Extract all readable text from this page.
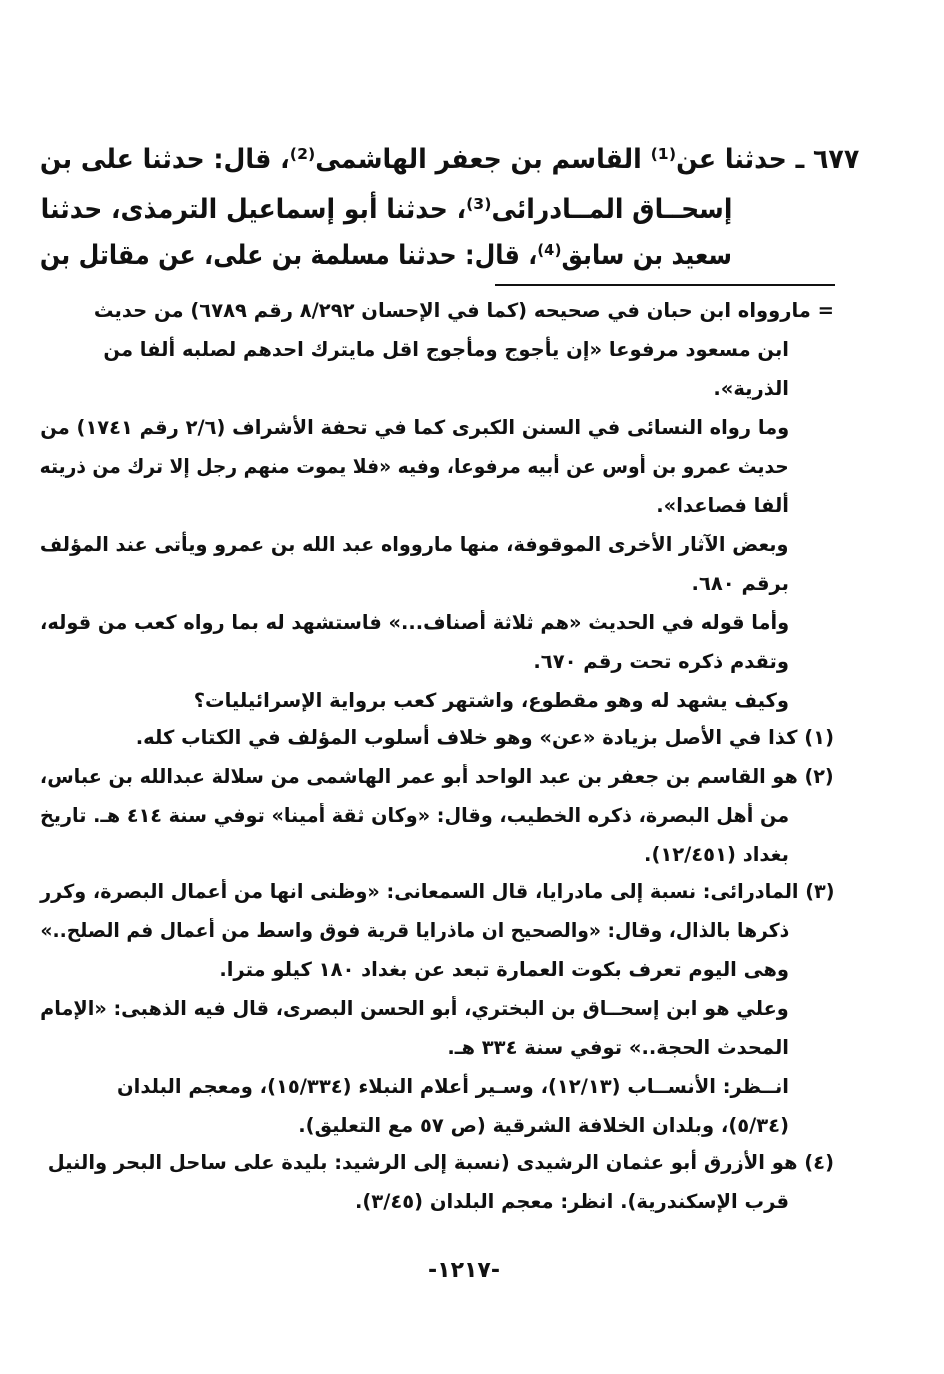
٦٧٧ ـ حدثنا عن⁽¹⁾ القاسم بن جعفر الهاشمى⁽²⁾، قال: حدثنا على بن
إسحــاق المــادرائى⁽³⁾، حدثنا أبو إسماعيل الترمذى، حدثنا
سعيد بن سابق⁽⁴⁾، قال: حدثنا مسلمة بن على، عن مقاتل بن
= ماروواه ابن حبان في صحيحه (كما في الإحسان ٨/٢٩٢ رقم ٦٧٨٩) من حديث
ابن مسعود مرفوعا «إن يأجوج ومأجوج اقل مايترك احدهم لصلبه ألفا من
الذرية».
وما رواه النسائى في السنن الكبرى كما في تحفة الأشراف (٢/٦ رقم ١٧٤١) من
حديث عمرو بن أوس عن أبيه مرفوعا، وفيه «فلا يموت منهم رجل إلا ترك من ذريته
ألفا فصاعدا».
وبعض الآثار الأخرى الموقوفة، منها ماروواه عبد الله بن عمرو ويأتى عند المؤلف
برقم ٦٨٠.
وأما قوله في الحديث «هم ثلاثة أصناف...» فاستشهد له بما رواه كعب من قوله،
وتقدم ذكره تحت رقم ٦٧٠.
وكيف يشهد له وهو مقطوع، واشتهر كعب برواية الإسرائيليات؟
(١) كذا في الأصل بزيادة «عن» وهو خلاف أسلوب المؤلف في الكتاب كله.
(٢) هو القاسم بن جعفر بن عبد الواحد أبو عمر الهاشمى من سلالة عبدالله بن عباس،
من أهل البصرة، ذكره الخطيب، وقال: «وكان ثقة أمينا» توفي سنة ٤١٤ هـ. تاريخ
بغداد (١٢/٤٥١).
(٣) المادرائى: نسبة إلى مادرايا، قال السمعانى: «وظنى انها من أعمال البصرة، وكرر
ذكرها بالذال، وقال: «والصحيح ان ماذرايا قرية فوق واسط من أعمال فم الصلح..»
وهى اليوم تعرف بكوت العمارة تبعد عن بغداد ١٨٠ كيلو مترا.
وعلي هو ابن إسحــاق بن البختري، أبو الحسن البصرى، قال فيه الذهبى: «الإمام
المحدث الحجة..» توفي سنة ٣٣٤ هـ.
انــظر: الأنســاب (١٢/١٣)، وسـير أعلام النبلاء (١٥/٣٣٤)، ومعجم البلدان
(٥/٣٤)، وبلدان الخلافة الشرقية (ص ٥٧ مع التعليق).
(٤) هو الأزرق أبو عثمان الرشيدى (نسبة إلى الرشيد: بليدة على ساحل البحر والنيل
قرب الإسكندرية). انظر: معجم البلدان (٣/٤٥).
-١٢١٧-
